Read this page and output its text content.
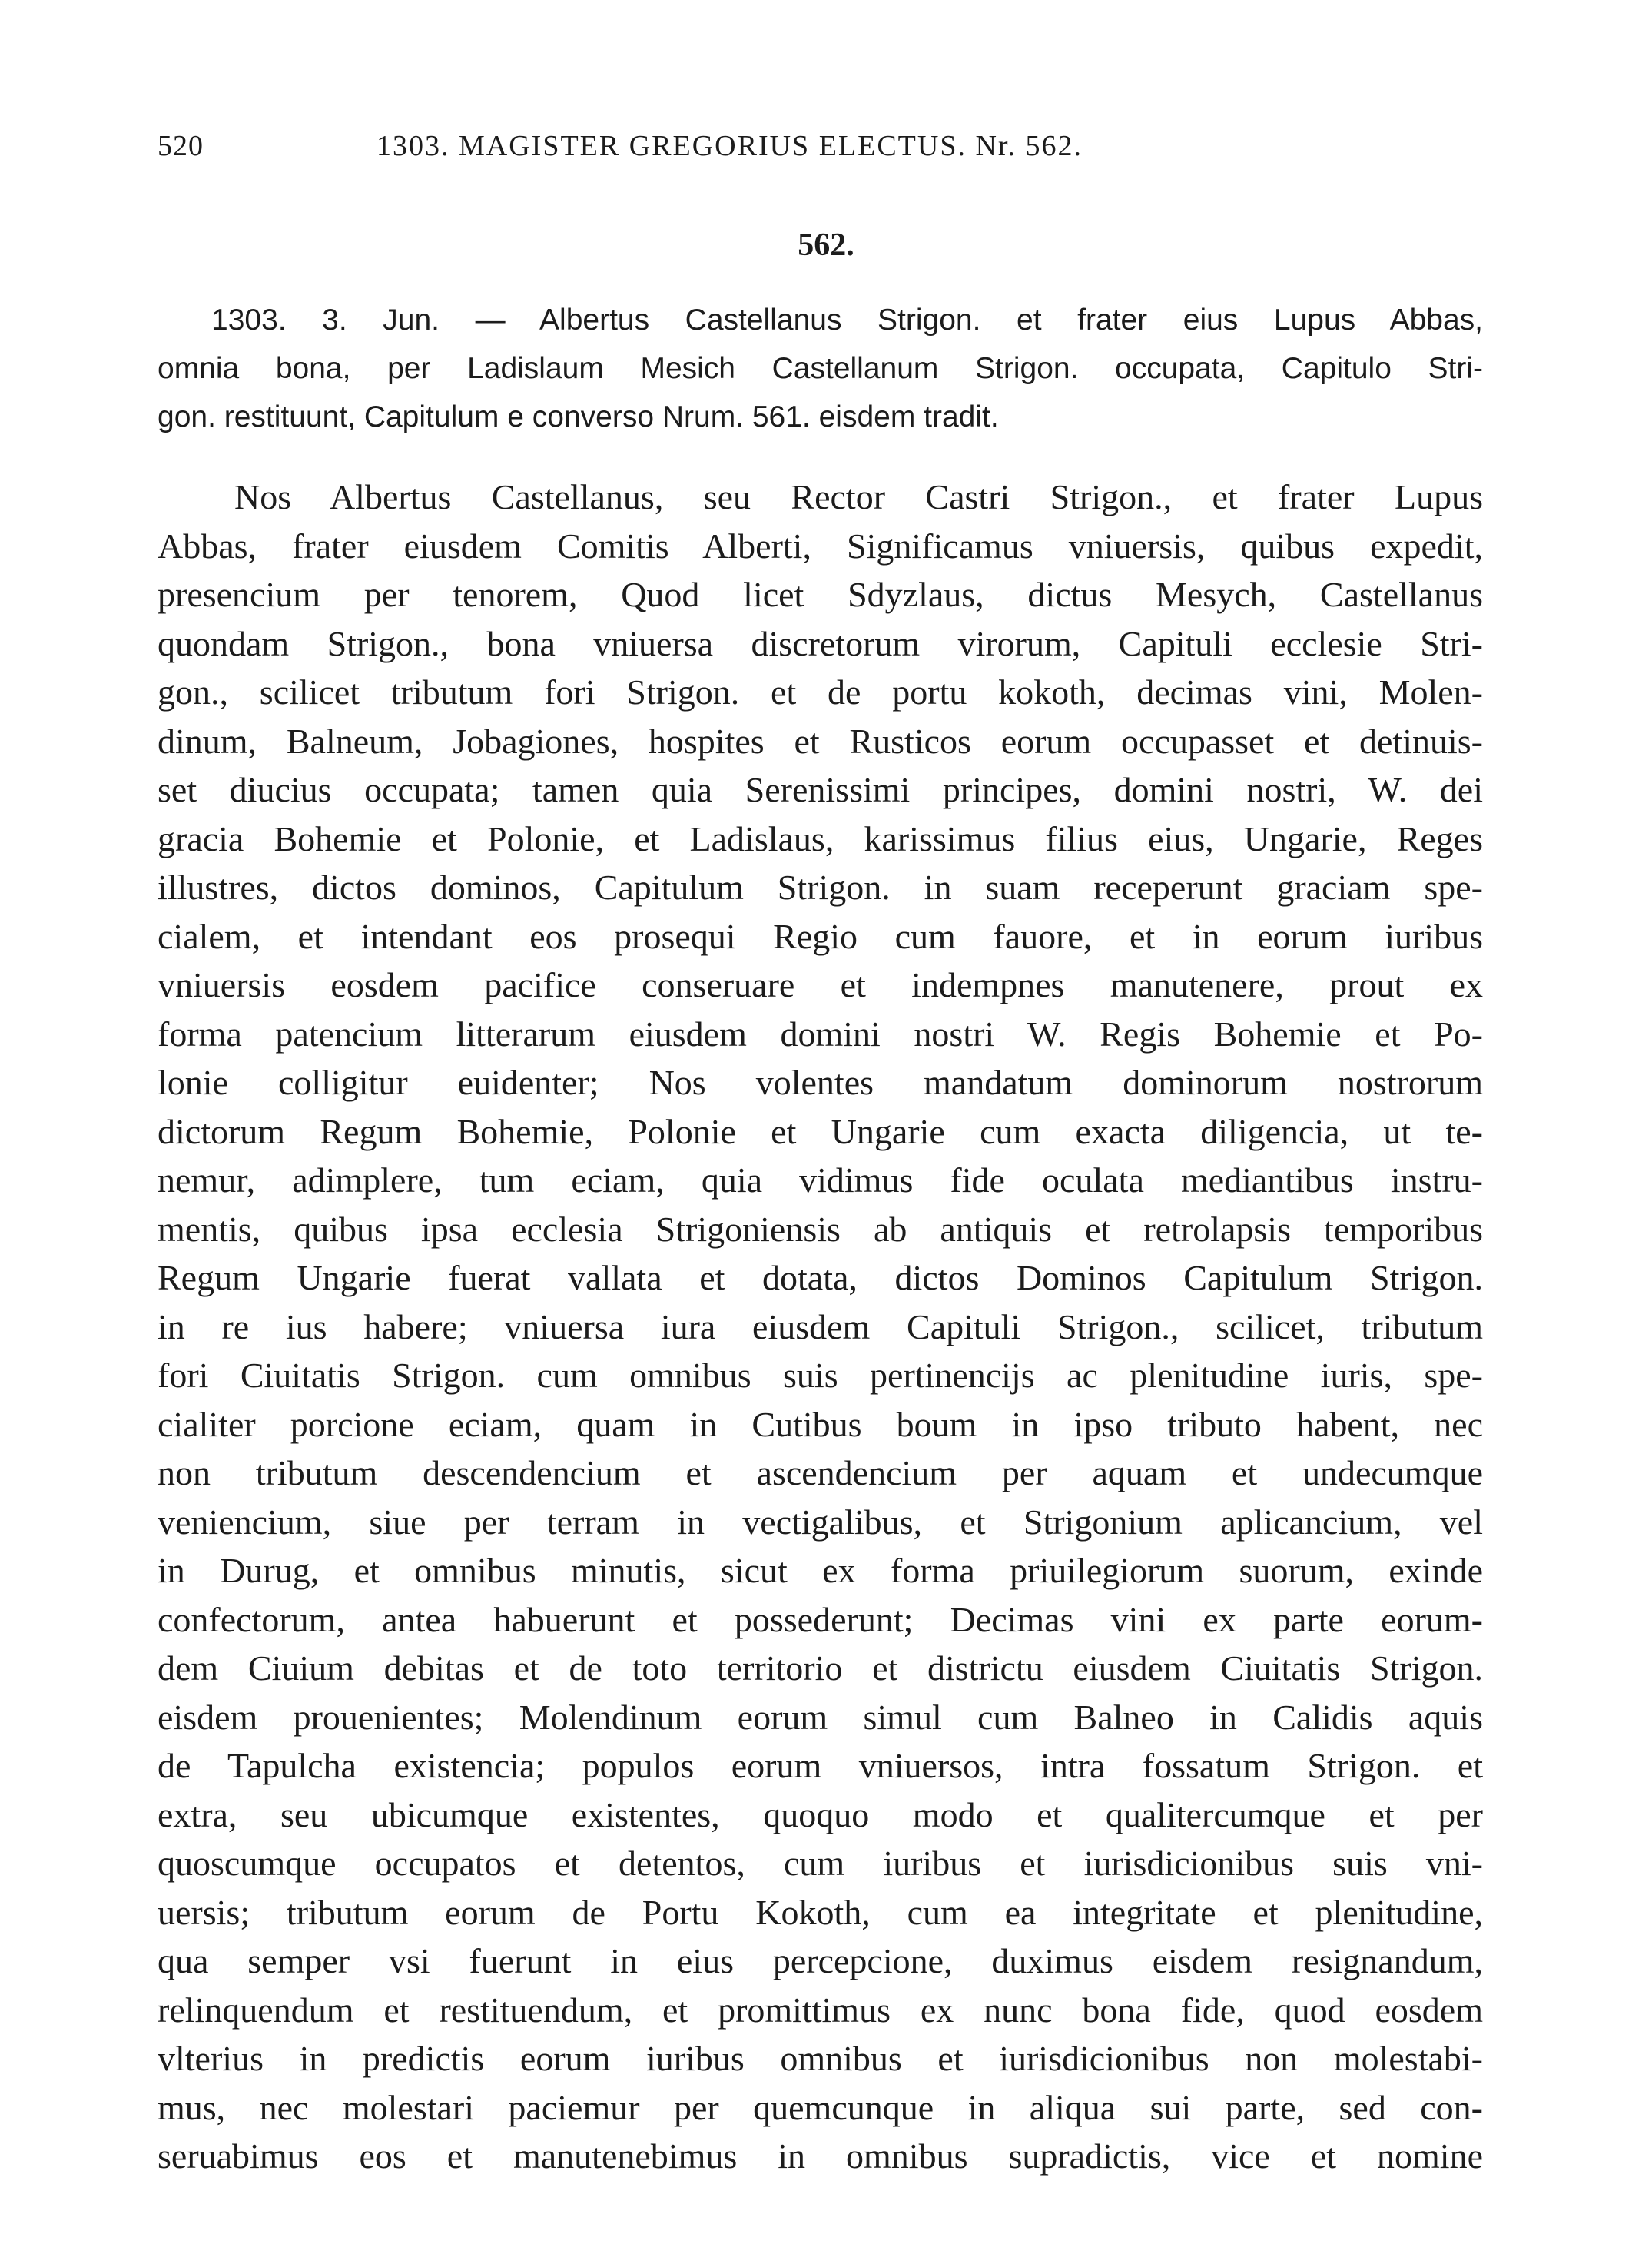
520	1303. MAGISTER GREGORIUS ELECTUS. Nr. 562.
562.
1303. 3. Jun. — Albertus Castellanus Strigon. et frater eius Lupus Abbas,
omnia bona, per Ladislaum Mesich Castellanum Strigon. occupata, Capitulo Stri-
gon. restituunt, Capitulum e converso Nrum. 561. eisdem tradit.
Nos Albertus Castellanus, seu Rector Castri Strigon., et frater Lupus
Abbas, frater eiusdem Comitis Alberti, Significamus vniuersis, quibus expedit,
presencium per tenorem, Quod licet Sdyzlaus, dictus Mesych, Castellanus
quondam Strigon., bona vniuersa discretorum virorum, Capituli ecclesie Stri-
gon., scilicet tributum fori Strigon. et de portu kokoth, decimas vini, Molen-
dinum, Balneum, Jobagiones, hospites et Rusticos eorum occupasset et detinuis-
set diucius occupata; tamen quia Serenissimi principes, domini nostri, W. dei
gracia Bohemie et Polonie, et Ladislaus, karissimus filius eius, Ungarie, Reges
illustres, dictos dominos, Capitulum Strigon. in suam receperunt graciam spe-
cialem, et intendant eos prosequi Regio cum fauore, et in eorum iuribus
vniuersis eosdem pacifice conseruare et indempnes manutenere, prout ex
forma patencium litterarum eiusdem domini nostri W. Regis Bohemie et Po-
lonie colligitur euidenter; Nos volentes mandatum dominorum nostrorum
dictorum Regum Bohemie, Polonie et Ungarie cum exacta diligencia, ut te-
nemur, adimplere, tum eciam, quia vidimus fide oculata mediantibus instru-
mentis, quibus ipsa ecclesia Strigoniensis ab antiquis et retrolapsis temporibus
Regum Ungarie fuerat vallata et dotata, dictos Dominos Capitulum Strigon.
in re ius habere; vniuersa iura eiusdem Capituli Strigon., scilicet, tributum
fori Ciuitatis Strigon. cum omnibus suis pertinencijs ac plenitudine iuris, spe-
cialiter porcione eciam, quam in Cutibus boum in ipso tributo habent, nec
non tributum descendencium et ascendencium per aquam et undecumque
veniencium, siue per terram in vectigalibus, et Strigonium aplicancium, vel
in Durug, et omnibus minutis, sicut ex forma priuilegiorum suorum, exinde
confectorum, antea habuerunt et possederunt; Decimas vini ex parte eorum-
dem Ciuium debitas et de toto territorio et districtu eiusdem Ciuitatis Strigon.
eisdem prouenientes; Molendinum eorum simul cum Balneo in Calidis aquis
de Tapulcha existencia; populos eorum vniuersos, intra fossatum Strigon. et
extra, seu ubicumque existentes, quoquo modo et qualitercumque et per
quoscumque occupatos et detentos, cum iuribus et iurisdicionibus suis vni-
uersis; tributum eorum de Portu Kokoth, cum ea integritate et plenitudine,
qua semper vsi fuerunt in eius percepcione, duximus eisdem resignandum,
relinquendum et restituendum, et promittimus ex nunc bona fide, quod eosdem
vlterius in predictis eorum iuribus omnibus et iurisdicionibus non molestabi-
mus, nec molestari paciemur per quemcunque in aliqua sui parte, sed con-
seruabimus eos et manutenebimus in omnibus supradictis, vice et nomine
